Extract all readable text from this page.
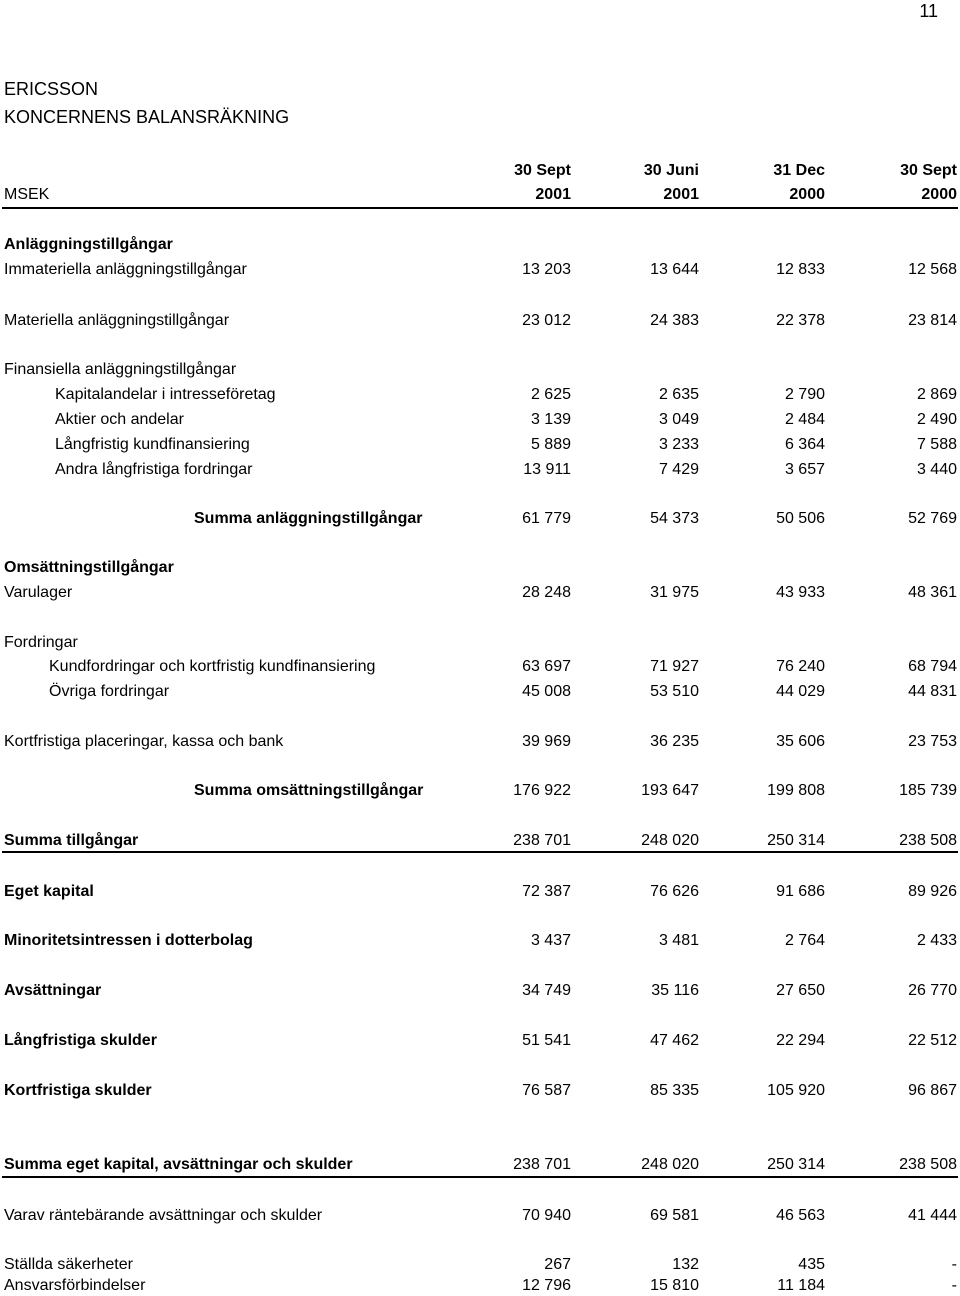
11
ERICSSON
KONCERNENS BALANSRÄKNING
30 Sept	30 Juni	31 Dec	30 Sept
MSEK	2001	2001	2000	2000
Anläggningstillgångar
Immateriella anläggningstillgångar	13 203	13 644	12 833	12 568
Materiella anläggningstillgångar	23 012	24 383	22 378	23 814
Finansiella anläggningstillgångar
Kapitalandelar i intresseföretag	2 625	2 635	2 790	2 869
Aktier och andelar	3 139	3 049	2 484	2 490
Långfristig kundfinansiering	5 889	3 233	6 364	7 588
Andra långfristiga fordringar	13 911	7 429	3 657	3 440
Summa anläggningstillgångar	61 779	54 373	50 506	52 769
Omsättningstillgångar
Varulager	28 248	31 975	43 933	48 361
Fordringar
Kundfordringar och kortfristig kundfinansiering	63 697	71 927	76 240	68 794
Övriga fordringar	45 008	53 510	44 029	44 831
Kortfristiga placeringar, kassa och bank	39 969	36 235	35 606	23 753
Summa omsättningstillgångar	176 922	193 647	199 808	185 739
Summa tillgångar	238 701	248 020	250 314	238 508
Eget kapital	72 387	76 626	91 686	89 926
Minoritetsintressen i dotterbolag	3 437	3 481	2 764	2 433
Avsättningar	34 749	35 116	27 650	26 770
Långfristiga skulder	51 541	47 462	22 294	22 512
Kortfristiga skulder	76 587	85 335	105 920	96 867
Summa eget kapital, avsättningar och skulder	238 701	248 020	250 314	238 508
Varav räntebärande avsättningar och skulder	70 940	69 581	46 563	41 444
Ställda säkerheter	267	132	435	-
Ansvarsförbindelser	12 796	15 810	11 184	-
